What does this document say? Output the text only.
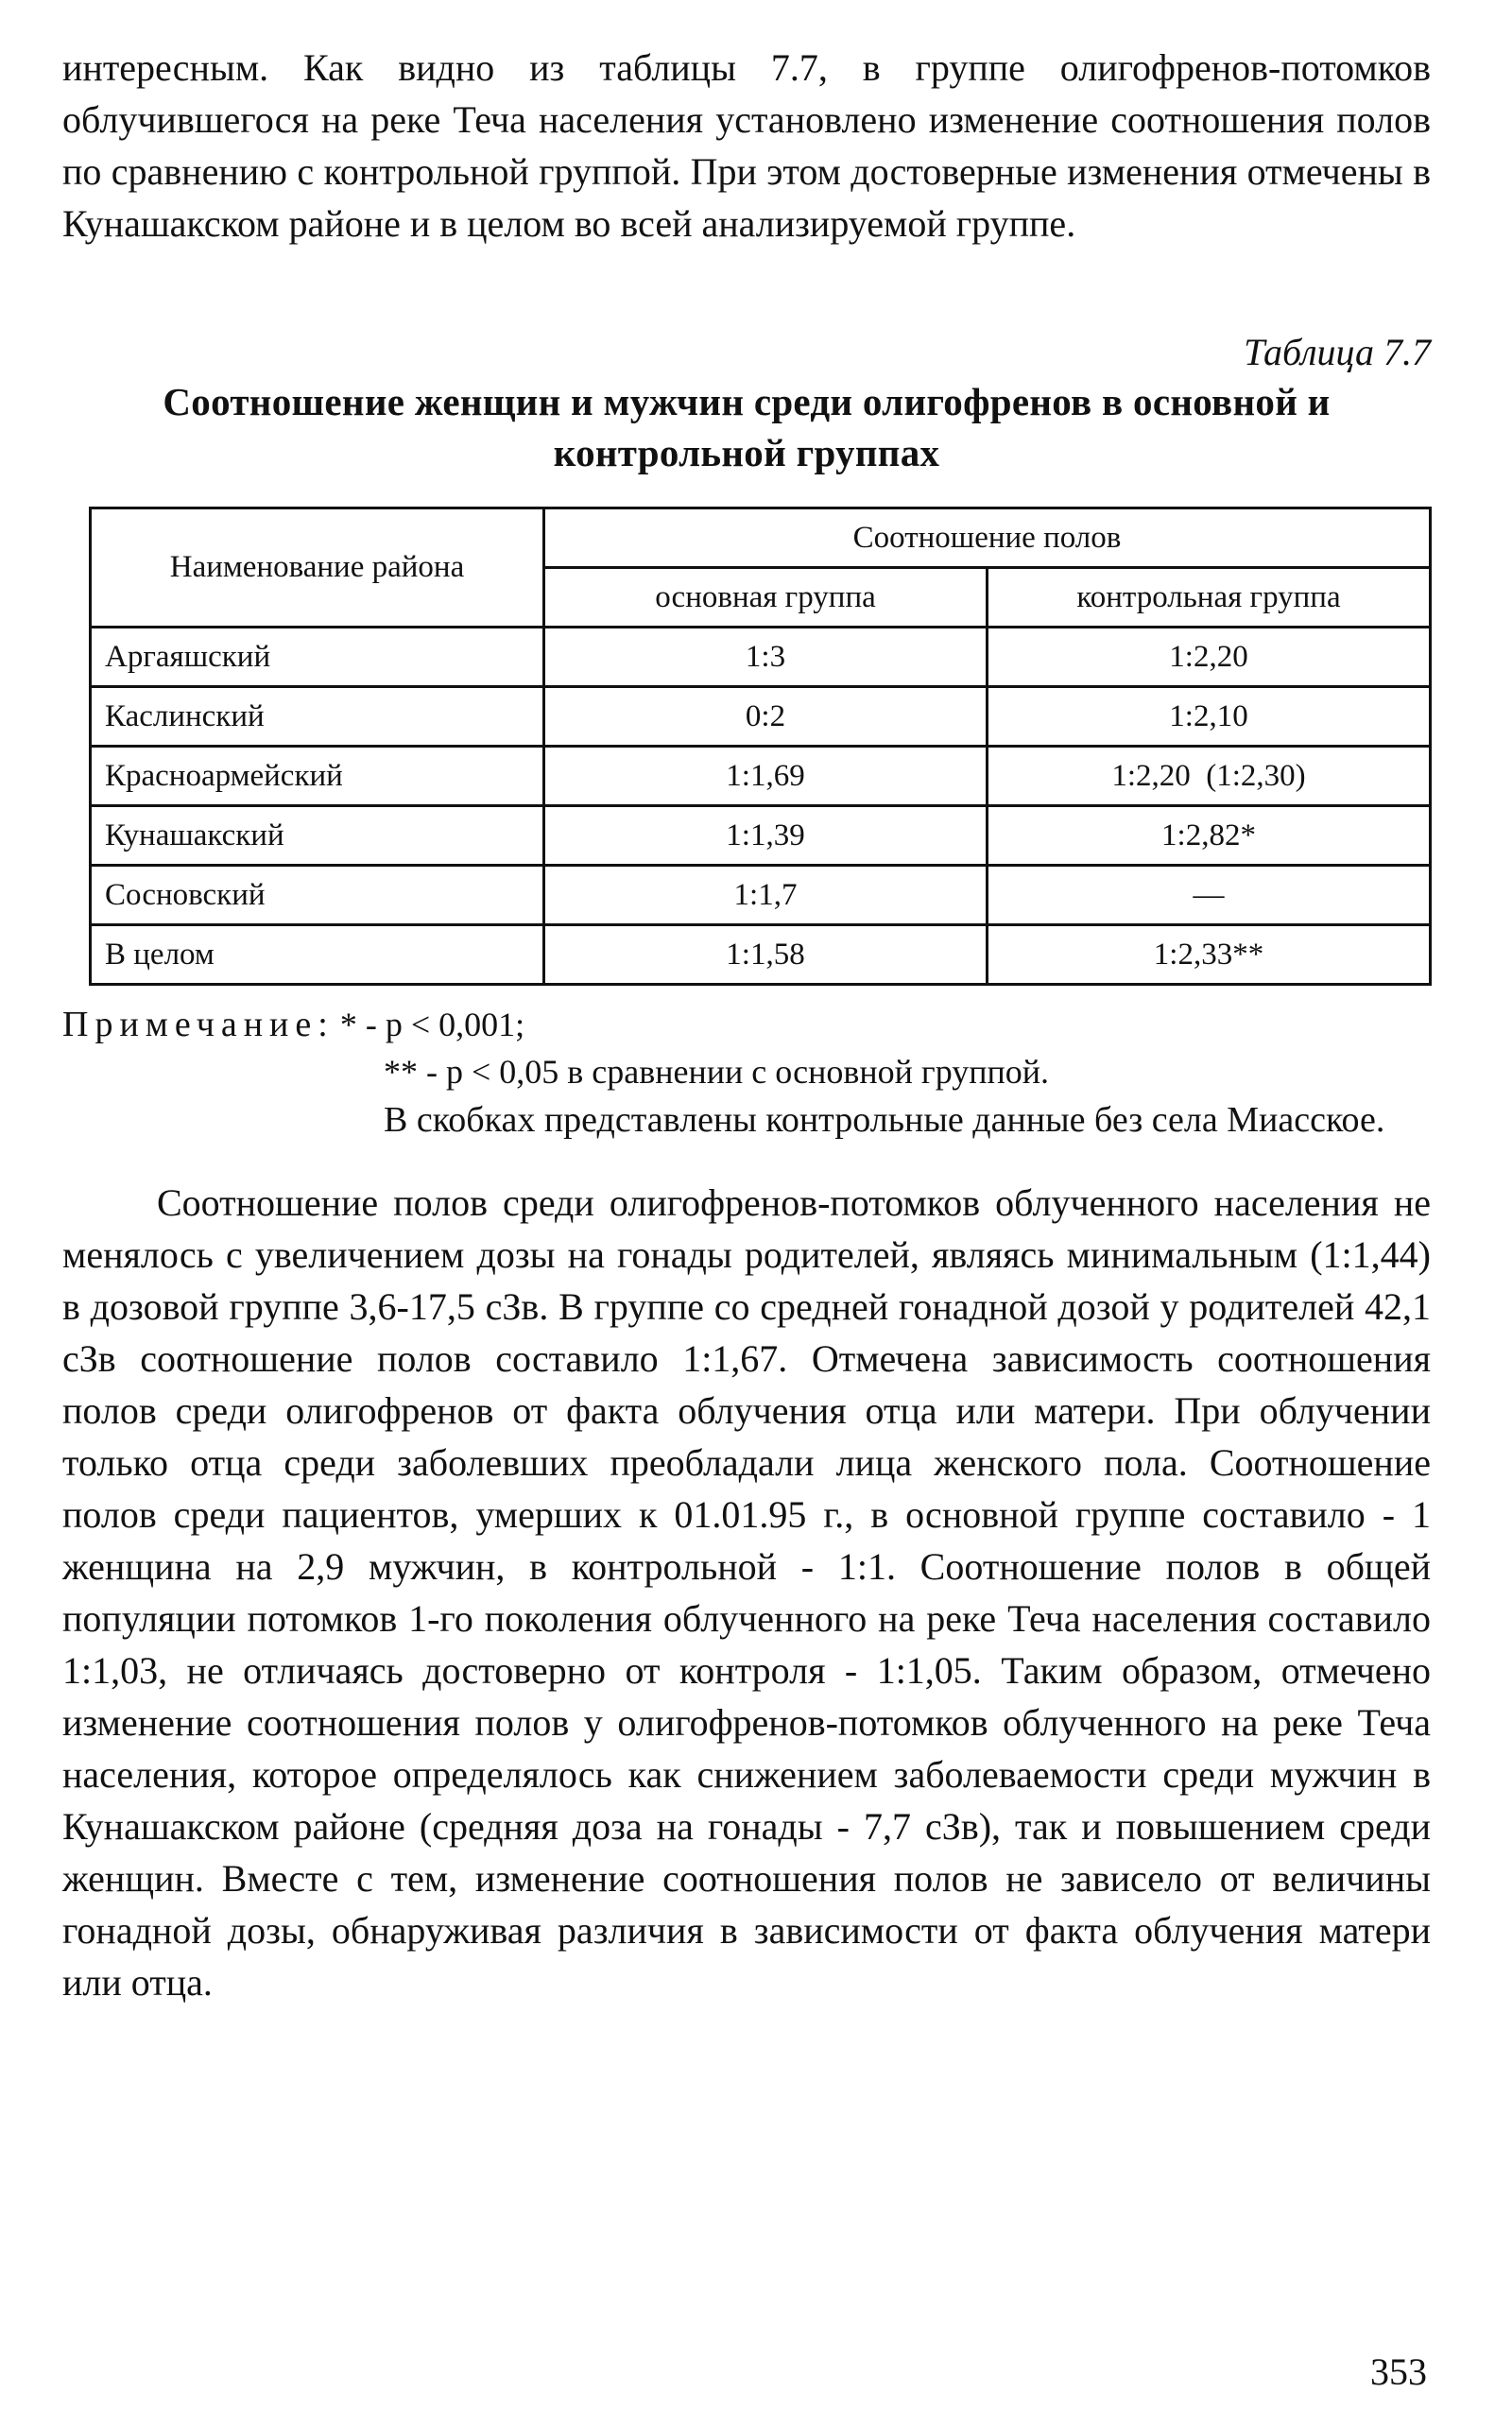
интересным. Как видно из таблицы 7.7, в группе олигофренов-потомков облучившегося на реке Теча населения установлено изменение соотношения полов по сравнению с контрольной группой. При этом достоверные изменения отмечены в Кунашакском районе и в целом во всей анализируемой группе.

Таблица 7.7
Соотношение женщин и мужчин среди олигофренов в основной и контрольной группах
Наименование района	Соотношение полов	
	основная группа	контрольная группа
Аргаяшский	1:3	1:2,20
Каслинский	0:2	1:2,10
Красноармейский	1:1,69	1:2,20  (1:2,30)
Кунашакский	1:1,39	1:2,82*
Сосновский	1:1,7	—
В целом	1:1,58	1:2,33**
Примечание: * - р < 0,001;
** - р < 0,05 в сравнении с основной группой.
В скобках представлены контрольные данные без села Миасское.

Соотношение полов среди олигофренов-потомков облученного населения не менялось с увеличением дозы на гонады родителей, являясь минимальным (1:1,44) в дозовой группе 3,6-17,5 сЗв. В группе со средней гонадной дозой у родителей 42,1 сЗв соотношение полов составило 1:1,67. Отмечена зависимость соотношения полов среди олигофренов от факта облучения отца или матери. При облучении только отца среди заболевших преобладали лица женского пола. Соотношение полов среди пациентов, умерших к 01.01.95 г., в основной группе составило - 1 женщина на 2,9 мужчин, в контрольной - 1:1. Соотношение полов в общей популяции потомков 1-го поколения облученного на реке Теча населения составило 1:1,03, не отличаясь достоверно от контроля - 1:1,05. Таким образом, отмечено изменение соотношения полов у олигофренов-потомков облученного на реке Теча населения, которое определялось как снижением заболеваемости среди мужчин в Кунашакском районе (средняя доза на гонады - 7,7 сЗв), так и повышением среди женщин. Вместе с тем, изменение соотношения полов не зависело от величины гонадной дозы, обнаруживая различия в зависимости от факта облучения матери или отца.

353
